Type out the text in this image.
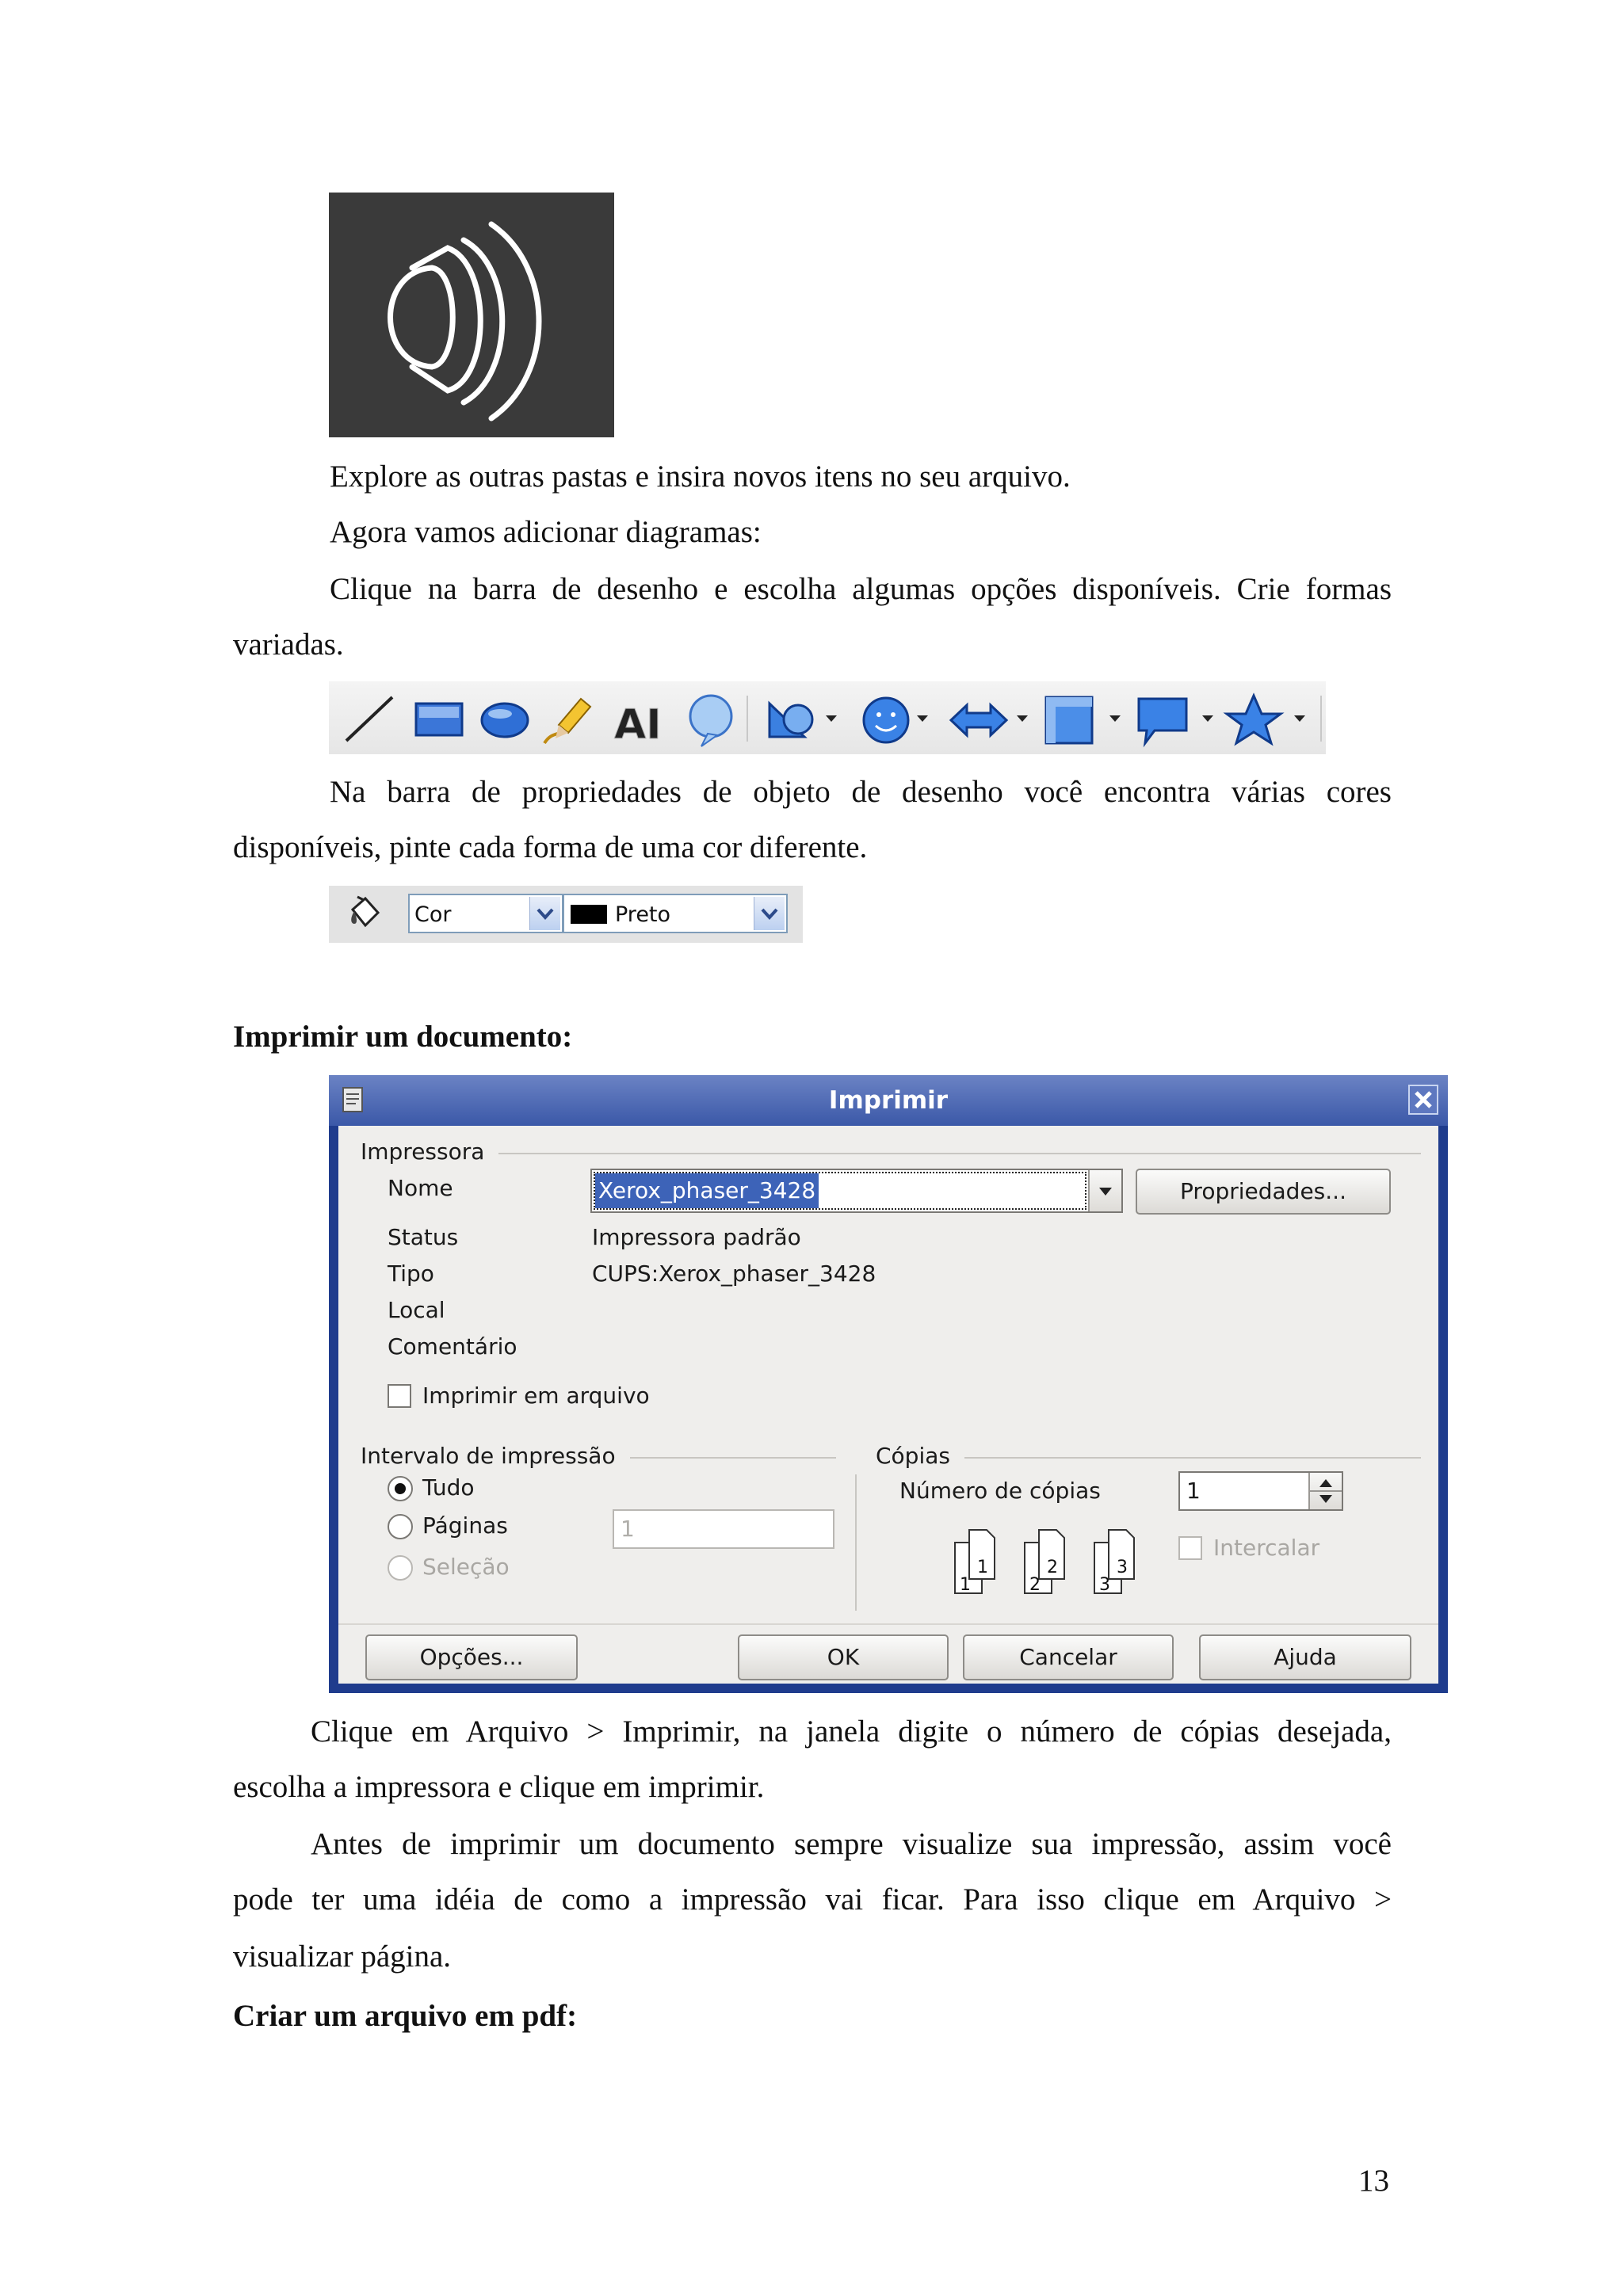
Explore as outras pastas e insira novos itens no seu arquivo.

Agora vamos adicionar diagramas:

Clique na barra de desenho e escolha algumas opções disponíveis. Crie formas

variadas.

AI

Na barra de propriedades de objeto de desenho você encontra várias cores

disponíveis, pinte cada forma de uma cor diferente.

Cor	Preto

Imprimir um documento:

Imprimir
Impressora
Nome	Xerox_phaser_3428	Propriedades...
Status	Impressora padrão
Tipo	CUPS:Xerox_phaser_3428
Local
Comentário
Imprimir em arquivo
Intervalo de impressão
Tudo
Páginas	1
Seleção
Cópias
Número de cópias	1
1
1
2
2
3
3
Intercalar
Opções...	OK	Cancelar	Ajuda

Clique em Arquivo > Imprimir, na janela digite o número de cópias desejada,

escolha a impressora e clique em imprimir.

Antes de imprimir um documento sempre visualize sua impressão, assim você

pode ter uma idéia de como a impressão vai ficar. Para isso clique em Arquivo >

visualizar página.

Criar um arquivo em pdf:

13
